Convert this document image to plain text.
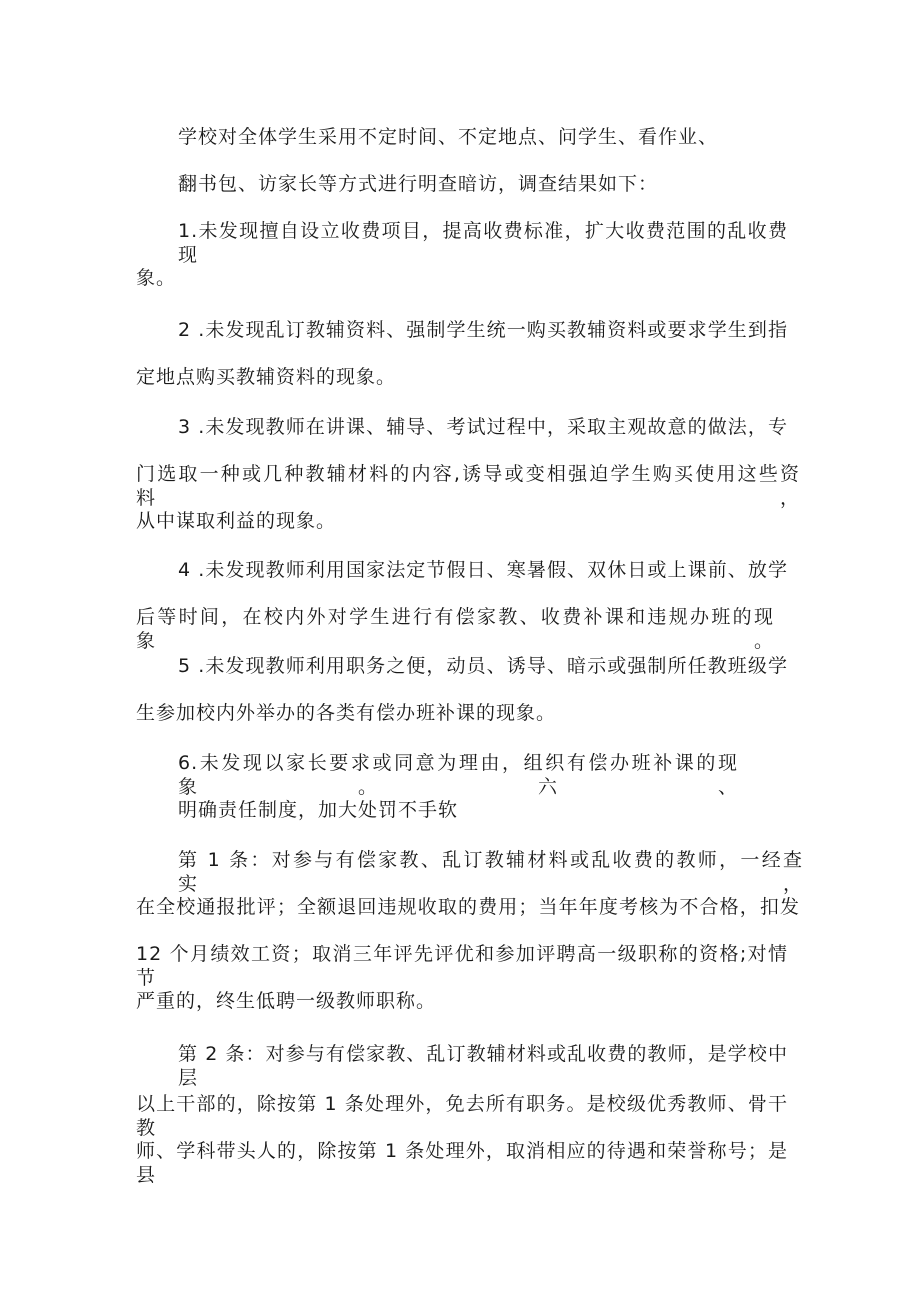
学校对全体学生采用不定时间、不定地点、问学生、看作业、

翻书包、访家长等方式进行明查暗访，调查结果如下：

1.未发现擅自设立收费项目，提高收费标准，扩大收费范围的乱收费现

象。

2 .未发现乱订教辅资料、强制学生统一购买教辅资料或要求学生到指

定地点购买教辅资料的现象。

3 .未发现教师在讲课、辅导、考试过程中，采取主观故意的做法，专

门选取一种或几种教辅材料的内容,诱导或变相强迫学生购买使用这些资料，

从中谋取利益的现象。

4 .未发现教师利用国家法定节假日、寒暑假、双休日或上课前、放学

后等时间，在校内外对学生进行有偿家教、收费补课和违规办班的现象。

5 .未发现教师利用职务之便，动员、诱导、暗示或强制所任教班级学

生参加校内外举办的各类有偿办班补课的现象。

6.未发现以家长要求或同意为理由，组织有偿办班补课的现象。六、

明确责任制度，加大处罚不手软

第 1 条：对参与有偿家教、乱订教辅材料或乱收费的教师，一经查实，

在全校通报批评；全额退回违规收取的费用；当年年度考核为不合格，扣发

12 个月绩效工资；取消三年评先评优和参加评聘高一级职称的资格;对情节

严重的，终生低聘一级教师职称。

第 2 条：对参与有偿家教、乱订教辅材料或乱收费的教师，是学校中层

以上干部的，除按第 1 条处理外，免去所有职务。是校级优秀教师、骨干教

师、学科带头人的，除按第 1 条处理外，取消相应的待遇和荣誉称号；是县
